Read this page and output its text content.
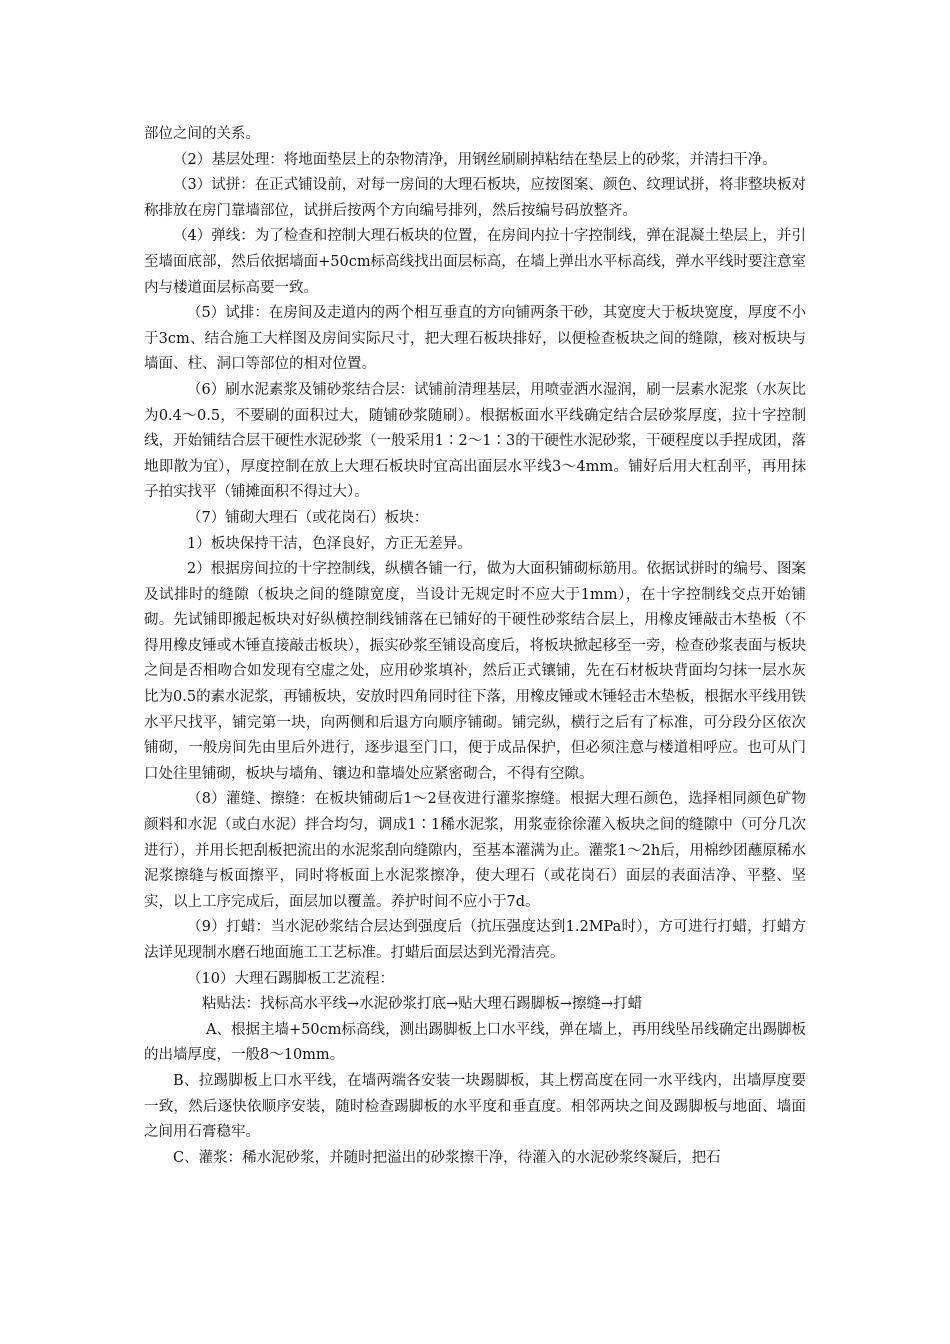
部位之间的关系。

（2）基层处理：将地面垫层上的杂物清净，用钢丝刷刷掉粘结在垫层上的砂浆，并清扫干净。

（3）试拼：在正式铺设前，对每一房间的大理石板块，应按图案、颜色、纹理试拼，将非整块板对称排放在房门靠墙部位，试拼后按两个方向编号排列，然后按编号码放整齐。

（4）弹线：为了检查和控制大理石板块的位置，在房间内拉十字控制线，弹在混凝土垫层上，并引至墙面底部，然后依据墙面+50cm标高线找出面层标高，在墙上弹出水平标高线，弹水平线时要注意室内与楼道面层标高要一致。

（5）试排：在房间及走道内的两个相互垂直的方向铺两条干砂，其宽度大于板块宽度，厚度不小于3cm、结合施工大样图及房间实际尺寸，把大理石板块排好，以便检查板块之间的缝隙，核对板块与墙面、柱、洞口等部位的相对位置。

（6）刷水泥素浆及铺砂浆结合层：试铺前清理基层，用喷壶洒水湿润，刷一层素水泥浆（水灰比为0.4～0.5，不要刷的面积过大，随铺砂浆随刷）。根据板面水平线确定结合层砂浆厚度，拉十字控制线，开始铺结合层干硬性水泥砂浆（一般采用1∶2～1∶3的干硬性水泥砂浆，干硬程度以手捏成团，落地即散为宜），厚度控制在放上大理石板块时宜高出面层水平线3～4mm。铺好后用大杠刮平，再用抹子拍实找平（铺摊面积不得过大）。

（7）铺砌大理石（或花岗石）板块：

1）板块保持干洁，色泽良好，方正无差异。

2）根据房间拉的十字控制线，纵横各铺一行，做为大面积铺砌标筋用。依据试拼时的编号、图案及试排时的缝隙（板块之间的缝隙宽度，当设计无规定时不应大于1mm），在十字控制线交点开始铺砌。先试铺即搬起板块对好纵横控制线铺落在已铺好的干硬性砂浆结合层上，用橡皮锤敲击木垫板（不得用橡皮锤或木锤直接敲击板块），振实砂浆至铺设高度后，将板块掀起移至一旁，检查砂浆表面与板块之间是否相吻合如发现有空虚之处，应用砂浆填补，然后正式镶铺，先在石材板块背面均匀抹一层水灰比为0.5的素水泥浆，再铺板块，安放时四角同时往下落，用橡皮锤或木锤轻击木垫板，根据水平线用铁水平尺找平，铺完第一块，向两侧和后退方向顺序铺砌。铺完纵，横行之后有了标准，可分段分区依次铺砌，一般房间先由里后外进行，逐步退至门口，便于成品保护，但必须注意与楼道相呼应。也可从门口处往里铺砌，板块与墙角、镶边和靠墙处应紧密砌合，不得有空隙。

（8）灌缝、擦缝：在板块铺砌后1～2昼夜进行灌浆擦缝。根据大理石颜色，选择相同颜色矿物颜料和水泥（或白水泥）拌合均匀，调成1∶1稀水泥浆，用浆壶徐徐灌入板块之间的缝隙中（可分几次进行），并用长把刮板把流出的水泥浆刮向缝隙内，至基本灌满为止。灌浆1～2h后，用棉纱团蘸原稀水泥浆擦缝与板面擦平，同时将板面上水泥浆擦净，使大理石（或花岗石）面层的表面洁净、平整、坚实，以上工序完成后，面层加以覆盖。养护时间不应小于7d。

（9）打蜡：当水泥砂浆结合层达到强度后（抗压强度达到1.2MPa时），方可进行打蜡，打蜡方法详见现制水磨石地面施工工艺标准。打蜡后面层达到光滑洁亮。

（10）大理石踢脚板工艺流程：

粘贴法：找标高水平线→水泥砂浆打底→贴大理石踢脚板→擦缝→打蜡

A、根据主墙+50cm标高线，测出踢脚板上口水平线，弹在墙上，再用线坠吊线确定出踢脚板的出墙厚度，一般8～10mm。

B、拉踢脚板上口水平线，在墙两端各安装一块踢脚板，其上楞高度在同一水平线内，出墙厚度要一致，然后逐快依顺序安装，随时检查踢脚板的水平度和垂直度。相邻两块之间及踢脚板与地面、墙面之间用石膏稳牢。

C、灌浆：稀水泥砂浆，并随时把溢出的砂浆擦干净，待灌入的水泥砂浆终凝后，把石
